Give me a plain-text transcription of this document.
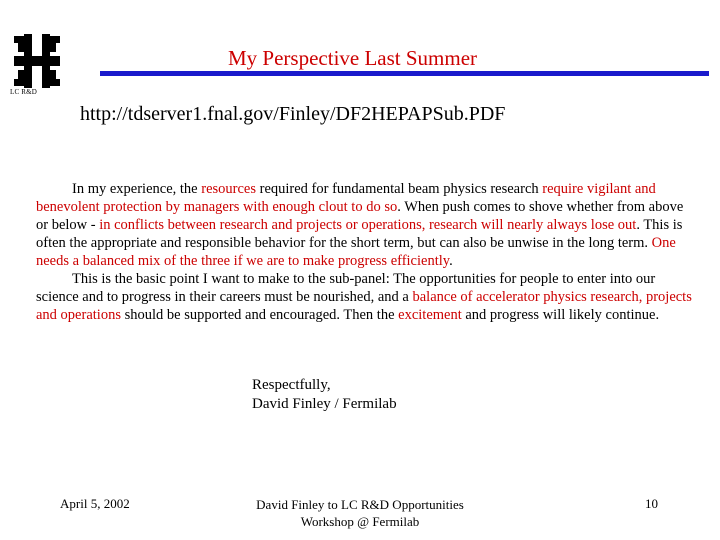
LC R&D
My Perspective Last Summer
http://tdserver1.fnal.gov/Finley/DF2HEPAPSub.PDF

In my experience, the resources required for fundamental beam physics research require vigilant and benevolent protection by managers with enough clout to do so. When push comes to shove whether from above or below - in conflicts between research and projects or operations, research will nearly always lose out. This is often the appropriate and responsible behavior for the short term, but can also be unwise in the long term. One needs a balanced mix of the three if we are to make progress efficiently.

This is the basic point I want to make to the sub-panel: The opportunities for people to enter into our science and to progress in their careers must be nourished, and a balance of accelerator physics research, projects and operations should be supported and encouraged. Then the excitement and progress will likely continue.

Respectfully,
David Finley / Fermilab
April 5, 2002	David Finley to LC R&D Opportunities
Workshop @ Fermilab
10
